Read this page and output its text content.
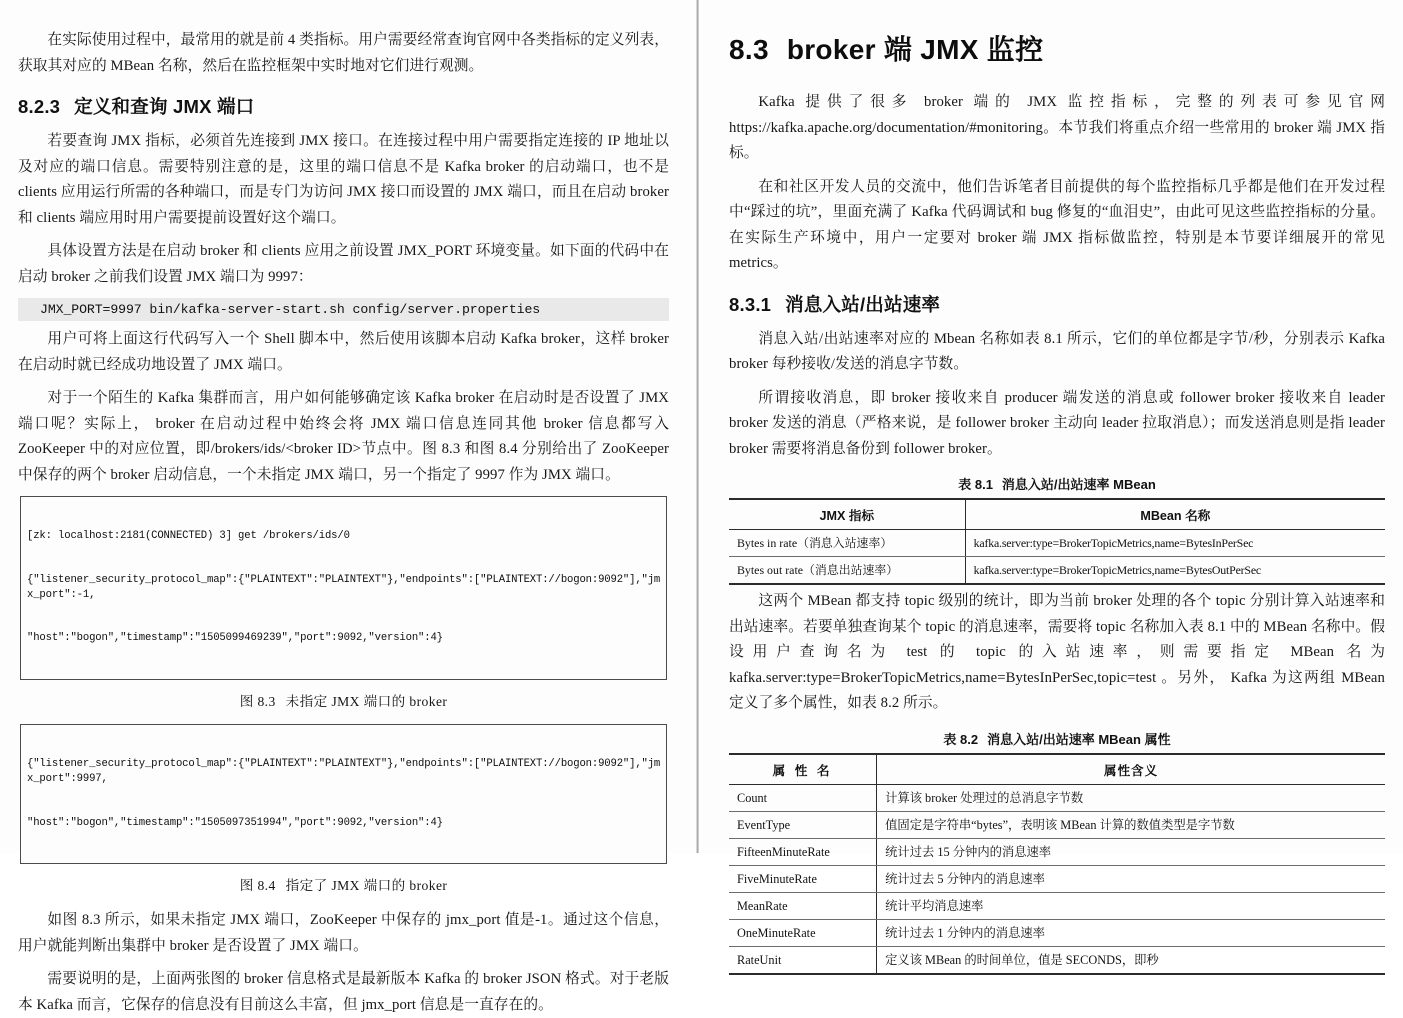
在实际使用过程中，最常用的就是前 4 类指标。用户需要经常查询官网中各类指标的定义列表，获取其对应的 MBean 名称，然后在监控框架中实时地对它们进行观测。

8.2.3 定义和查询 JMX 端口

若要查询 JMX 指标，必须首先连接到 JMX 接口。在连接过程中用户需要指定连接的 IP 地址以及对应的端口信息。需要特别注意的是，这里的端口信息不是 Kafka broker 的启动端口，也不是 clients 应用运行所需的各种端口，而是专门为访问 JMX 接口而设置的 JMX 端口，而且在启动 broker 和 clients 端应用时用户需要提前设置好这个端口。

具体设置方法是在启动 broker 和 clients 应用之前设置 JMX_PORT 环境变量。如下面的代码中在启动 broker 之前我们设置 JMX 端口为 9997：

JMX_PORT=9997 bin/kafka-server-start.sh config/server.properties

用户可将上面这行代码写入一个 Shell 脚本中，然后使用该脚本启动 Kafka broker，这样 broker 在启动时就已经成功地设置了 JMX 端口。

对于一个陌生的 Kafka 集群而言，用户如何能够确定该 Kafka broker 在启动时是否设置了 JMX 端口呢？实际上， broker 在启动过程中始终会将 JMX 端口信息连同其他 broker 信息都写入 ZooKeeper 中的对应位置，即/brokers/ids/<broker ID>节点中。图 8.3 和图 8.4 分别给出了 ZooKeeper 中保存的两个 broker 启动信息，一个未指定 JMX 端口，另一个指定了 9997 作为 JMX 端口。

[zk: localhost:2181(CONNECTED) 3] get /brokers/ids/0

{"listener_security_protocol_map":{"PLAINTEXT":"PLAINTEXT"},"endpoints":["PLAINTEXT://bogon:9092"],"jmx_port":-1,

"host":"bogon","timestamp":"1505099469239","port":9092,"version":4}

图 8.3 未指定 JMX 端口的 broker

{"listener_security_protocol_map":{"PLAINTEXT":"PLAINTEXT"},"endpoints":["PLAINTEXT://bogon:9092"],"jmx_port":9997,

"host":"bogon","timestamp":"1505097351994","port":9092,"version":4}

图 8.4 指定了 JMX 端口的 broker

如图 8.3 所示，如果未指定 JMX 端口，ZooKeeper 中保存的 jmx_port 值是-1。通过这个信息，用户就能判断出集群中 broker 是否设置了 JMX 端口。

需要说明的是，上面两张图的 broker 信息格式是最新版本 Kafka 的 broker JSON 格式。对于老版本 Kafka 而言，它保存的信息没有目前这么丰富，但 jmx_port 信息是一直存在的。

8.3 broker 端 JMX 监控

Kafka 提供了很多 broker 端的 JMX 监控指标，完整的列表可参见官网 https://kafka.apache.org/documentation/#monitoring。本节我们将重点介绍一些常用的 broker 端 JMX 指标。

在和社区开发人员的交流中，他们告诉笔者目前提供的每个监控指标几乎都是他们在开发过程中“踩过的坑”，里面充满了 Kafka 代码调试和 bug 修复的“血泪史”，由此可见这些监控指标的分量。在实际生产环境中，用户一定要对 broker 端 JMX 指标做监控，特别是本节要详细展开的常见 metrics。

8.3.1 消息入站/出站速率

消息入站/出站速率对应的 Mbean 名称如表 8.1 所示，它们的单位都是字节/秒，分别表示 Kafka broker 每秒接收/发送的消息字节数。

所谓接收消息，即 broker 接收来自 producer 端发送的消息或 follower broker 接收来自 leader broker 发送的消息（严格来说，是 follower broker 主动向 leader 拉取消息）；而发送消息则是指 leader broker 需要将消息备份到 follower broker。

表 8.1 消息入站/出站速率 MBean
JMX 指标	MBean 名称
Bytes in rate（消息入站速率）	kafka.server:type=BrokerTopicMetrics,name=BytesInPerSec
Bytes out rate（消息出站速率）	kafka.server:type=BrokerTopicMetrics,name=BytesOutPerSec

这两个 MBean 都支持 topic 级别的统计，即为当前 broker 处理的各个 topic 分别计算入站速率和出站速率。若要单独查询某个 topic 的消息速率，需要将 topic 名称加入表 8.1 中的 MBean 名称中。假设用户查询名为 test 的 topic 的入站速率，则需要指定 MBean 名为 kafka.server:type=BrokerTopicMetrics,name=BytesInPerSec,topic=test 。另外， Kafka 为这两组 MBean 定义了多个属性，如表 8.2 所示。

表 8.2 消息入站/出站速率 MBean 属性
属 性 名	属性含义
Count	计算该 broker 处理过的总消息字节数
EventType	值固定是字符串“bytes”，表明该 MBean 计算的数值类型是字节数
FifteenMinuteRate	统计过去 15 分钟内的消息速率
FiveMinuteRate	统计过去 5 分钟内的消息速率
MeanRate	统计平均消息速率
OneMinuteRate	统计过去 1 分钟内的消息速率
RateUnit	定义该 MBean 的时间单位，值是 SECONDS，即秒
